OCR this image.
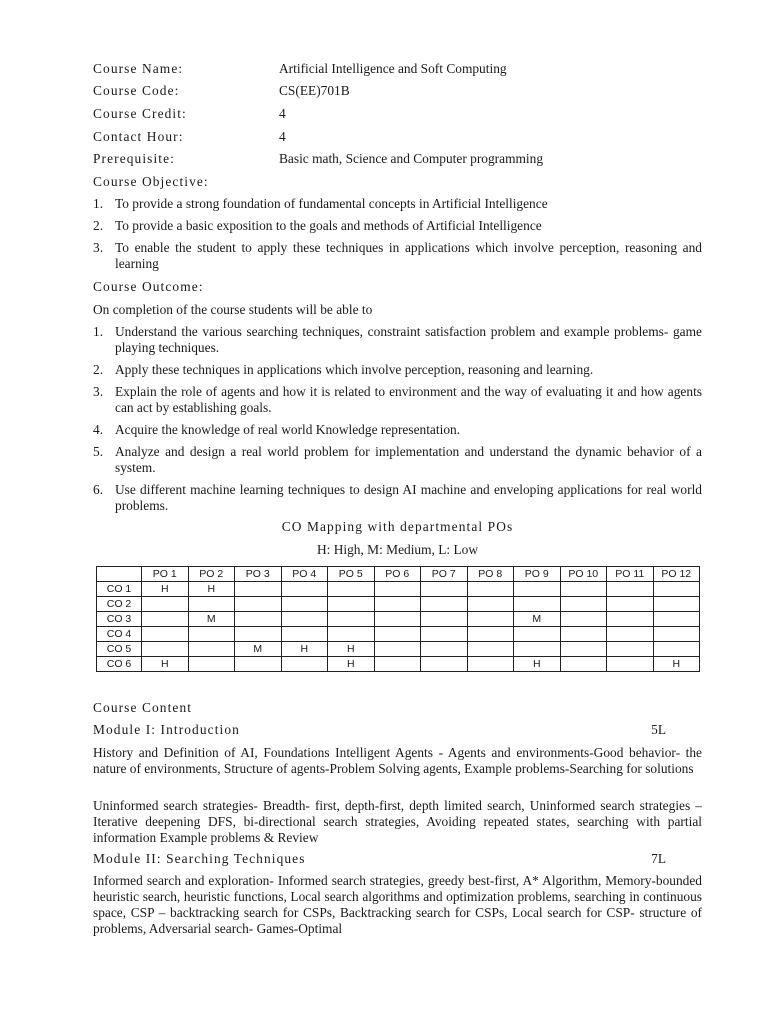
Course Name:	Artificial Intelligence and Soft Computing
Course Code:	CS(EE)701B
Course Credit:	4
Contact Hour:	4
Prerequisite:	Basic math, Science and Computer programming
Course Objective:
1. To provide a strong foundation of fundamental concepts in Artificial Intelligence
2. To provide a basic exposition to the goals and methods of Artificial Intelligence
3. To enable the student to apply these techniques in applications which involve perception, reasoning and learning
Course Outcome:
On completion of the course students will be able to
1. Understand the various searching techniques, constraint satisfaction problem and example problems- game playing techniques.
2. Apply these techniques in applications which involve perception, reasoning and learning.
3. Explain the role of agents and how it is related to environment and the way of evaluating it and how agents can act by establishing goals.
4. Acquire the knowledge of real world Knowledge representation.
5. Analyze and design a real world problem for implementation and understand the dynamic behavior of a system.
6. Use different machine learning techniques to design AI machine and enveloping applications for real world problems.
CO Mapping with departmental POs
H: High, M: Medium, L: Low
	PO 1	PO 2	PO 3	PO 4	PO 5	PO 6	PO 7	PO 8	PO 9	PO 10	PO 11	PO 12
CO 1	H	H										
CO 2												
CO 3		M							M			
CO 4												
CO 5			M	H	H							
CO 6	H				H				H			H
Course Content
Module I: Introduction	5L
History and Definition of AI, Foundations Intelligent Agents - Agents and environments-Good behavior- the nature of environments, Structure of agents-Problem Solving agents, Example problems-Searching for solutions
Uninformed search strategies- Breadth- first, depth-first, depth limited search, Uninformed search strategies –Iterative deepening DFS, bi-directional search strategies, Avoiding repeated states, searching with partial information Example problems & Review
Module II: Searching Techniques	7L
Informed search and exploration- Informed search strategies, greedy best-first, A* Algorithm, Memory-bounded heuristic search, heuristic functions, Local search algorithms and optimization problems, searching in continuous space, CSP – backtracking search for CSPs, Backtracking search for CSPs, Local search for CSP- structure of problems, Adversarial search- Games-Optimal
